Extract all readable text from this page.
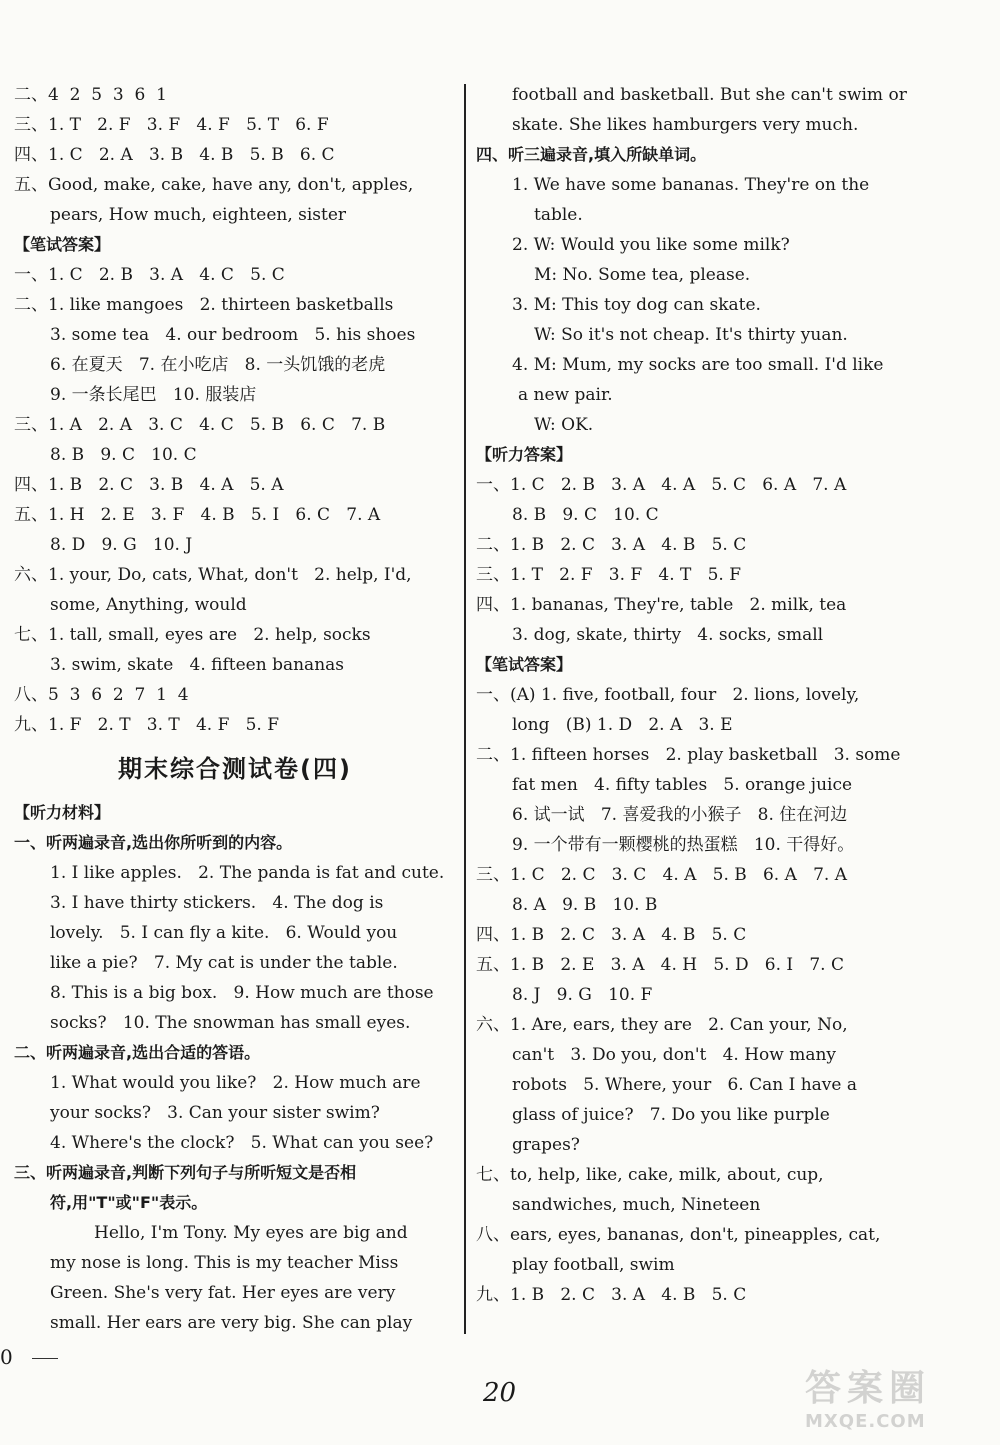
二、4  2  5  3  6  1
三、1. T   2. F   3. F   4. F   5. T   6. F
四、1. C   2. A   3. B   4. B   5. B   6. C
五、Good, make, cake, have any, don't, apples,
pears, How much, eighteen, sister
【笔试答案】
一、1. C   2. B   3. A   4. C   5. C
二、1. like mangoes   2. thirteen basketballs
3. some tea   4. our bedroom   5. his shoes
6. 在夏天   7. 在小吃店   8. 一头饥饿的老虎
9. 一条长尾巴   10. 服装店
三、1. A   2. A   3. C   4. C   5. B   6. C   7. B
8. B   9. C   10. C
四、1. B   2. C   3. B   4. A   5. A
五、1. H   2. E   3. F   4. B   5. I   6. C   7. A
8. D   9. G   10. J
六、1. your, Do, cats, What, don't   2. help, I'd,
some, Anything, would
七、1. tall, small, eyes are   2. help, socks
3. swim, skate   4. fifteen bananas
八、5  3  6  2  7  1  4
九、1. F   2. T   3. T   4. F   5. F
期末综合测试卷(四)
【听力材料】
一、听两遍录音,选出你所听到的内容。
1. I like apples.   2. The panda is fat and cute.
3. I have thirty stickers.   4. The dog is
lovely.   5. I can fly a kite.   6. Would you
like a pie?   7. My cat is under the table.
8. This is a big box.   9. How much are those
socks?   10. The snowman has small eyes.
二、听两遍录音,选出合适的答语。
1. What would you like?   2. How much are
your socks?   3. Can your sister swim?
4. Where's the clock?   5. What can you see?
三、听两遍录音,判断下列句子与所听短文是否相
符,用"T"或"F"表示。
Hello, I'm Tony. My eyes are big and
my nose is long. This is my teacher Miss
Green. She's very fat. Her eyes are very
small. Her ears are very big. She can play
football and basketball. But she can't swim or
skate. She likes hamburgers very much.
四、听三遍录音,填入所缺单词。
1. We have some bananas. They're on the
table.
2. W: Would you like some milk?
M: No. Some tea, please.
3. M: This toy dog can skate.
W: So it's not cheap. It's thirty yuan.
4. M: Mum, my socks are too small. I'd like
a new pair.
W: OK.
【听力答案】
一、1. C   2. B   3. A   4. A   5. C   6. A   7. A
8. B   9. C   10. C
二、1. B   2. C   3. A   4. B   5. C
三、1. T   2. F   3. F   4. T   5. F
四、1. bananas, They're, table   2. milk, tea
3. dog, skate, thirty   4. socks, small
【笔试答案】
一、(A) 1. five, football, four   2. lions, lovely,
long   (B) 1. D   2. A   3. E
二、1. fifteen horses   2. play basketball   3. some
fat men   4. fifty tables   5. orange juice
6. 试一试   7. 喜爱我的小猴子   8. 住在河边
9. 一个带有一颗樱桃的热蛋糕   10. 干得好。
三、1. C   2. C   3. C   4. A   5. B   6. A   7. A
8. A   9. B   10. B
四、1. B   2. C   3. A   4. B   5. C
五、1. B   2. E   3. A   4. H   5. D   6. I   7. C
8. J   9. G   10. F
六、1. Are, ears, they are   2. Can your, No,
can't   3. Do you, don't   4. How many
robots   5. Where, your   6. Can I have a
glass of juice?   7. Do you like purple
grapes?
七、to, help, like, cake, milk, about, cup,
sandwiches, much, Nineteen
八、ears, eyes, bananas, don't, pineapples, cat,
play football, swim
九、1. B   2. C   3. A   4. B   5. C
0
20	答案圈
MXQE.COM
